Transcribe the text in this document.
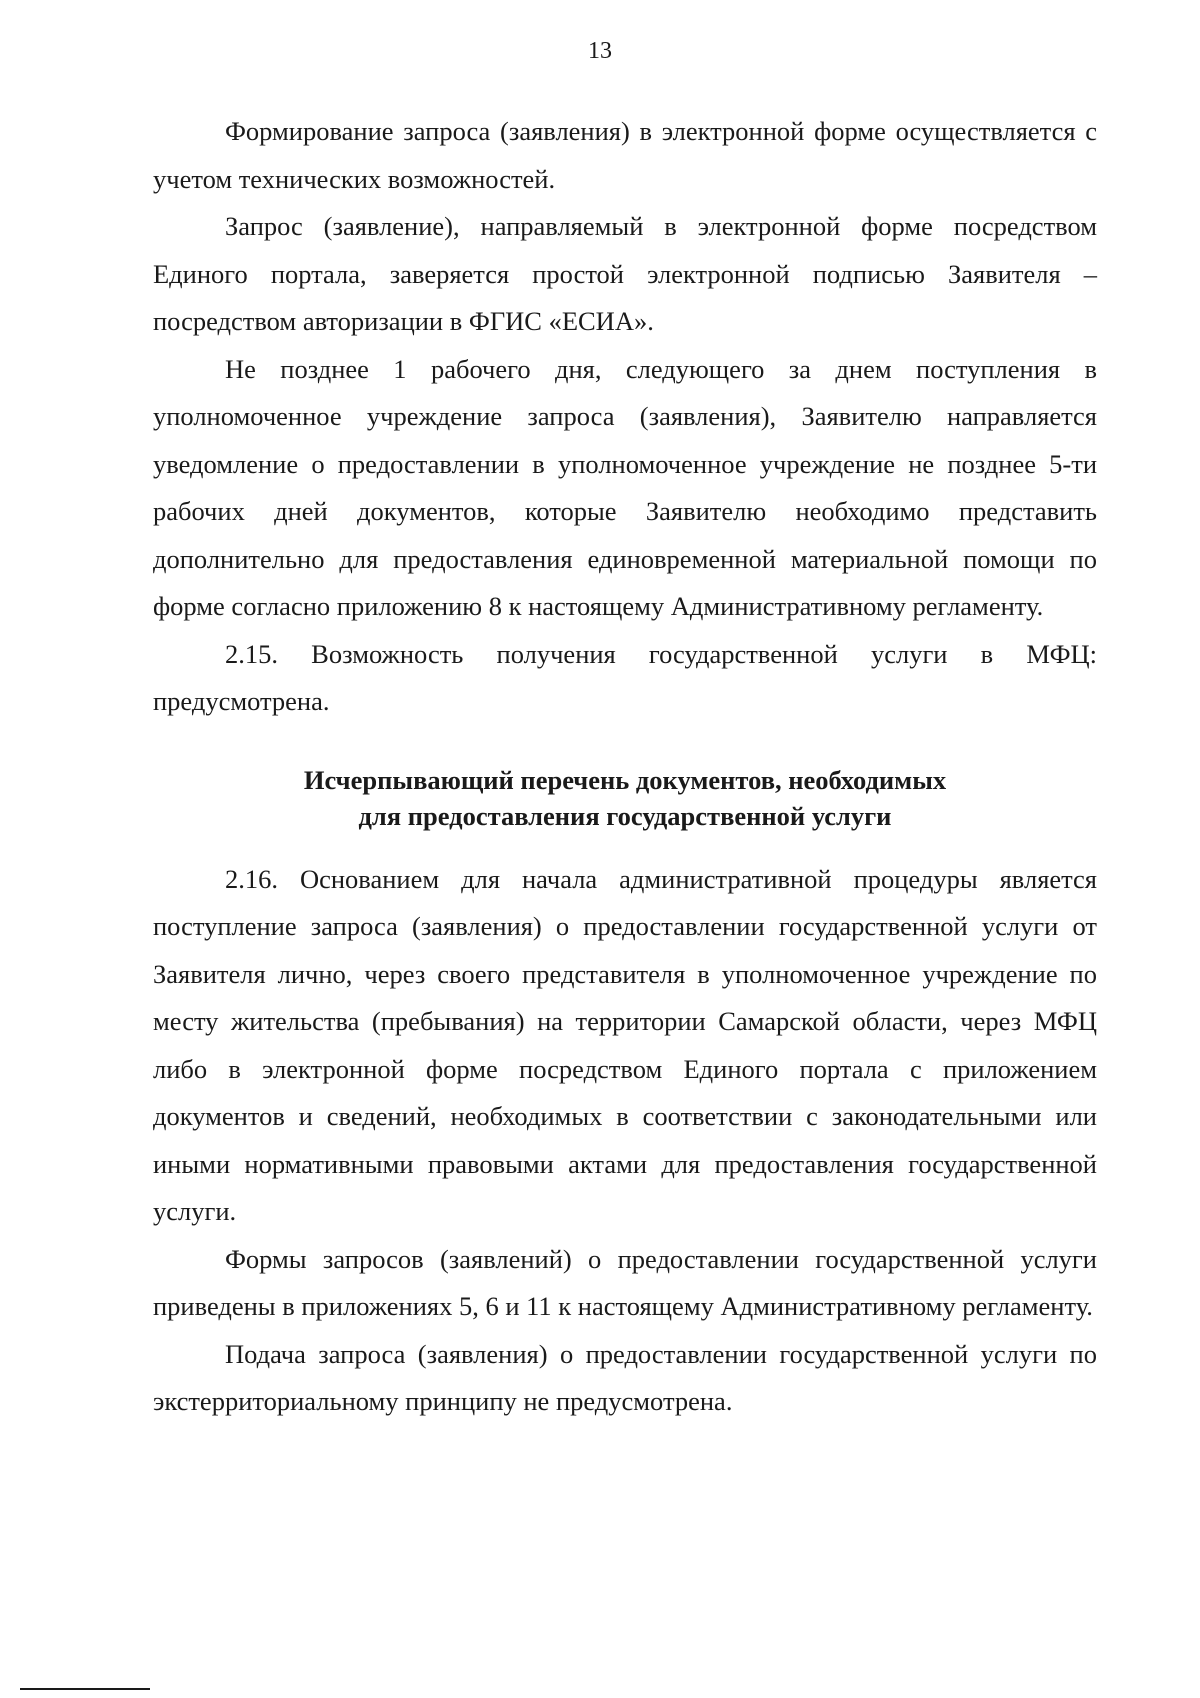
13

Формирование запроса (заявления) в электронной форме осуществляется с учетом технических возможностей.

Запрос (заявление), направляемый в электронной форме посредством Единого портала, заверяется простой электронной подписью Заявителя – посредством авторизации в ФГИС «ЕСИА».

Не позднее 1 рабочего дня, следующего за днем поступления в уполномоченное учреждение запроса (заявления), Заявителю направляется уведомление о предоставлении в уполномоченное учреждение не позднее 5-ти рабочих дней документов, которые Заявителю необходимо представить дополнительно для предоставления единовременной материальной помощи по форме согласно приложению 8 к настоящему Административному регламенту.

2.15. Возможность получения государственной услуги в МФЦ: предусмотрена.

Исчерпывающий перечень документов, необходимых
для предоставления государственной услуги

2.16. Основанием для начала административной процедуры является поступление запроса (заявления) о предоставлении государственной услуги от Заявителя лично, через своего представителя в уполномоченное учреждение по месту жительства (пребывания) на территории Самарской области, через МФЦ либо в электронной форме посредством Единого портала с приложением документов и сведений, необходимых в соответствии с законодательными или иными нормативными правовыми актами для предоставления государственной услуги.

Формы запросов (заявлений) о предоставлении государственной услуги приведены в приложениях 5, 6 и 11 к настоящему Административному регламенту.

Подача запроса (заявления) о предоставлении государственной услуги по экстерриториальному принципу не предусмотрена.
